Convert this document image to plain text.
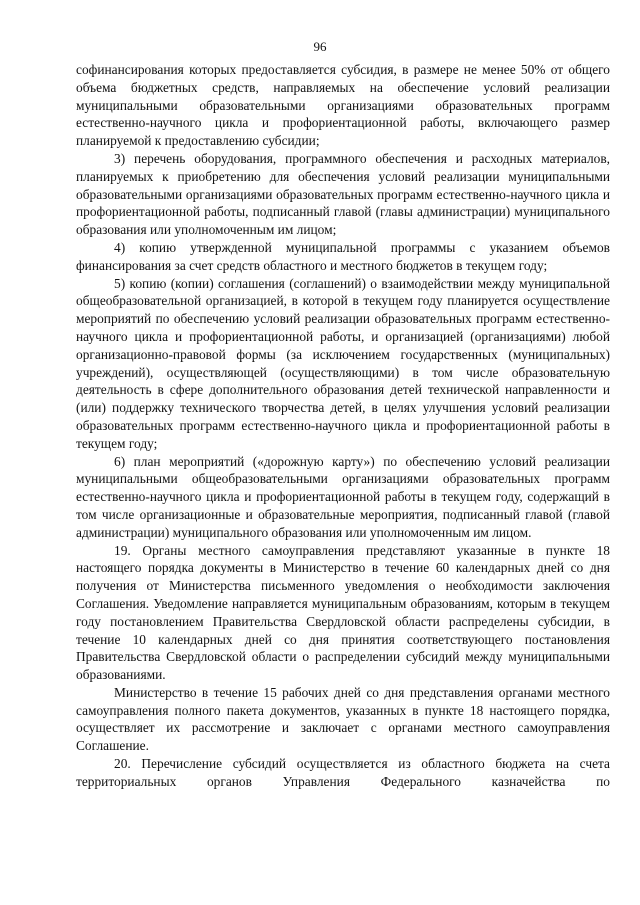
96

софинансирования которых предоставляется субсидия, в размере не менее 50% от общего объема бюджетных средств, направляемых на обеспечение условий реализации муниципальными образовательными организациями образовательных программ естественно-научного цикла и профориентационной работы, включающего размер планируемой к предоставлению субсидии;

3) перечень оборудования, программного обеспечения и расходных материалов, планируемых к приобретению для обеспечения условий реализации муниципальными образовательными организациями образовательных программ естественно-научного цикла и профориентационной работы, подписанный главой (главы администрации) муниципального образования или уполномоченным им лицом;

4) копию утвержденной муниципальной программы с указанием объемов финансирования за счет средств областного и местного бюджетов в текущем году;

5) копию (копии) соглашения (соглашений) о взаимодействии между муниципальной общеобразовательной организацией, в которой в текущем году планируется осуществление мероприятий по обеспечению условий реализации образовательных программ естественно-научного цикла и профориентационной работы, и организацией (организациями) любой организационно-правовой формы (за исключением государственных (муниципальных) учреждений), осуществляющей (осуществляющими) в том числе образовательную деятельность в сфере дополнительного образования детей технической направленности и (или) поддержку технического творчества детей, в целях улучшения условий реализации образовательных программ естественно-научного цикла и профориентационной работы в текущем году;

6) план мероприятий («дорожную карту») по обеспечению условий реализации муниципальными общеобразовательными организациями образовательных программ естественно-научного цикла и профориентационной работы в текущем году, содержащий в том числе организационные и образовательные мероприятия, подписанный главой (главой администрации) муниципального образования или уполномоченным им лицом.

19. Органы местного самоуправления представляют указанные в пункте 18 настоящего порядка документы в Министерство в течение 60 календарных дней со дня получения от Министерства письменного уведомления о необходимости заключения Соглашения. Уведомление направляется муниципальным образованиям, которым в текущем году постановлением Правительства Свердловской области распределены субсидии, в течение 10 календарных дней со дня принятия соответствующего постановления Правительства Свердловской области о распределении субсидий между муниципальными образованиями.

Министерство в течение 15 рабочих дней со дня представления органами местного самоуправления полного пакета документов, указанных в пункте 18 настоящего порядка, осуществляет их рассмотрение и заключает с органами местного самоуправления Соглашение.

20. Перечисление субсидий осуществляется из областного бюджета на счета территориальных органов Управления Федерального казначейства по
